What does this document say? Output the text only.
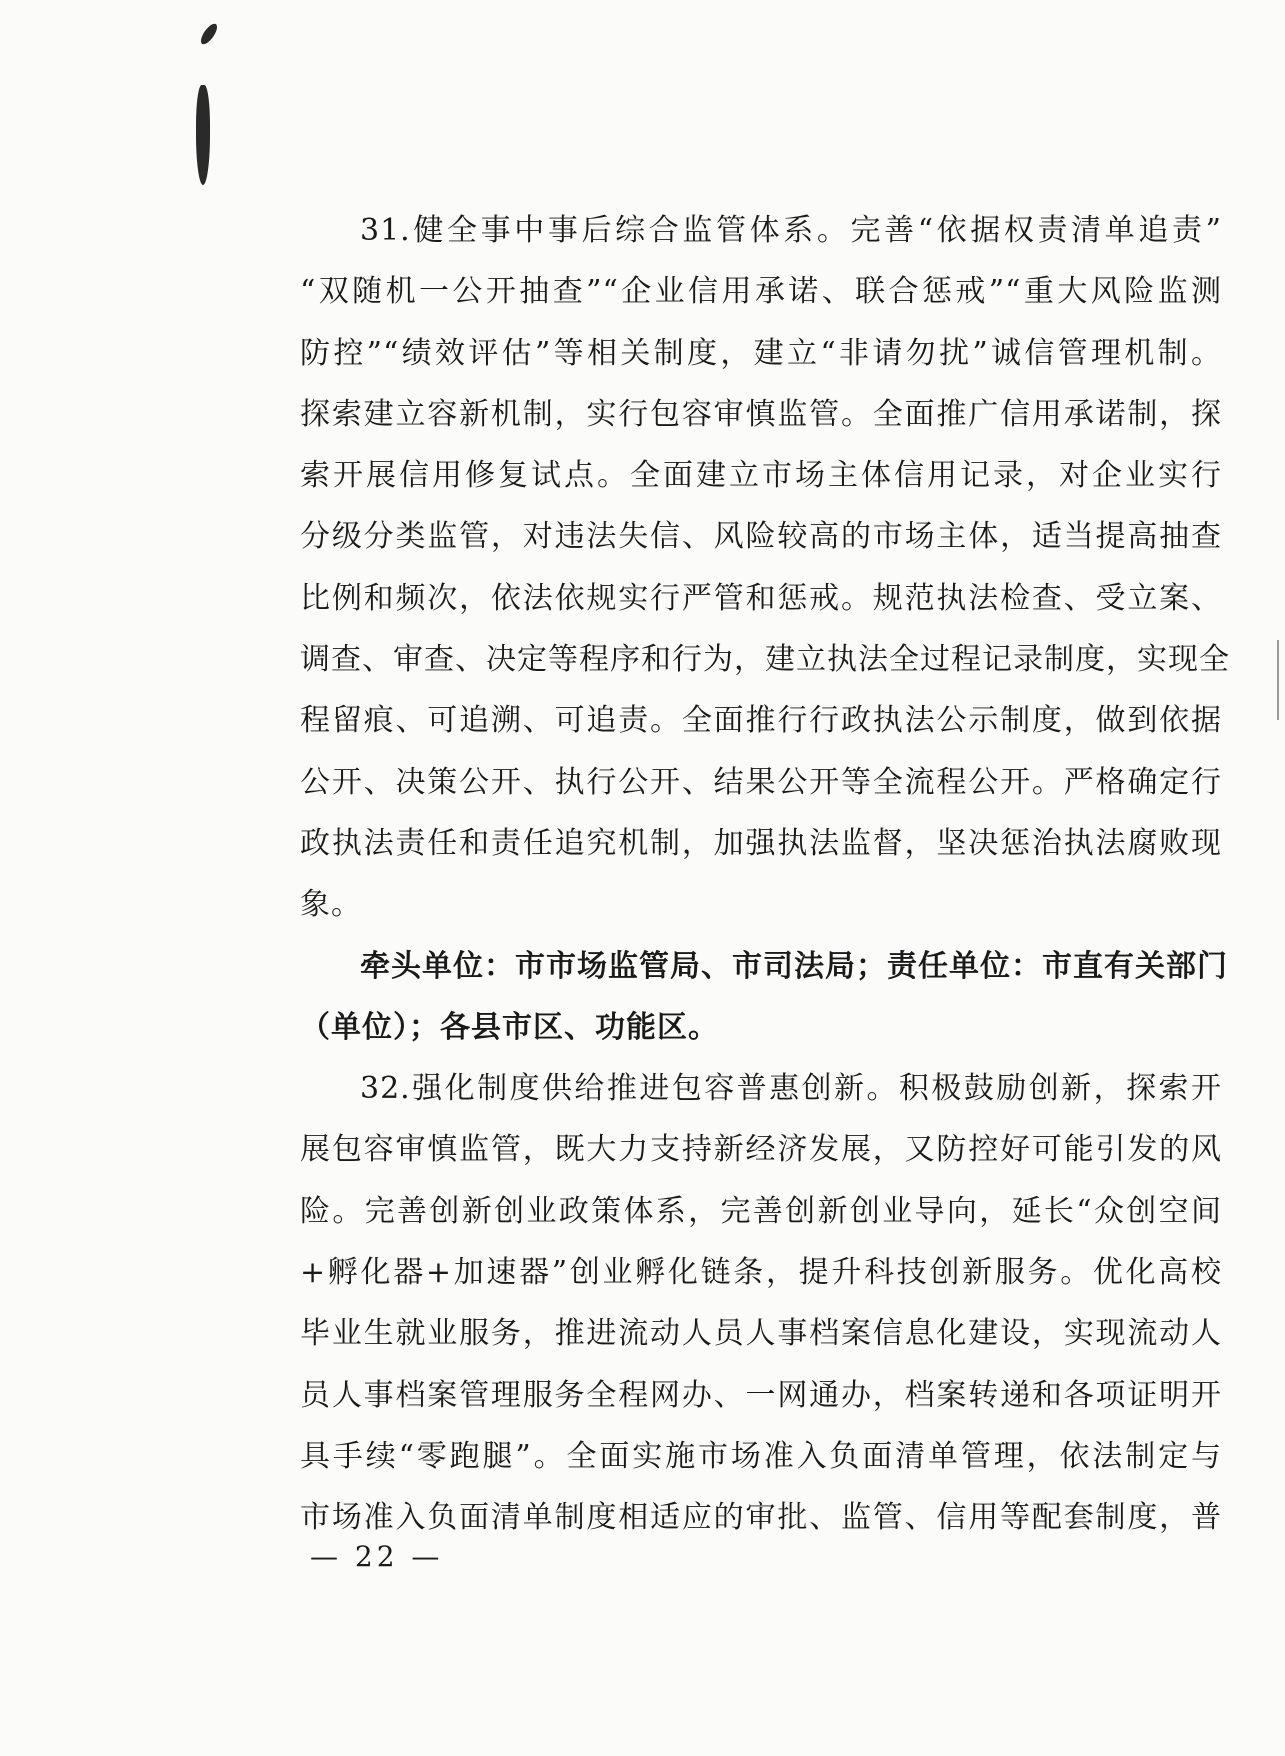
31.健全事中事后综合监管体系。完善“依据权责清单追责”
“双随机一公开抽查”“企业信用承诺、联合惩戒”“重大风险监测
防控”“绩效评估”等相关制度，建立“非请勿扰”诚信管理机制。
探索建立容新机制，实行包容审慎监管。全面推广信用承诺制，探
索开展信用修复试点。全面建立市场主体信用记录，对企业实行
分级分类监管，对违法失信、风险较高的市场主体，适当提高抽查
比例和频次，依法依规实行严管和惩戒。规范执法检查、受立案、
调查、审查、决定等程序和行为，建立执法全过程记录制度，实现全
程留痕、可追溯、可追责。全面推行行政执法公示制度，做到依据
公开、决策公开、执行公开、结果公开等全流程公开。严格确定行
政执法责任和责任追究机制，加强执法监督，坚决惩治执法腐败现
象。
牵头单位：市市场监管局、市司法局；责任单位：市直有关部门
（单位）；各县市区、功能区。
32.强化制度供给推进包容普惠创新。积极鼓励创新，探索开
展包容审慎监管，既大力支持新经济发展，又防控好可能引发的风
险。完善创新创业政策体系，完善创新创业导向，延长“众创空间
+孵化器+加速器”创业孵化链条，提升科技创新服务。优化高校
毕业生就业服务，推进流动人员人事档案信息化建设，实现流动人
员人事档案管理服务全程网办、一网通办，档案转递和各项证明开
具手续“零跑腿”。全面实施市场准入负面清单管理，依法制定与
市场准入负面清单制度相适应的审批、监管、信用等配套制度，普
— 22 —
